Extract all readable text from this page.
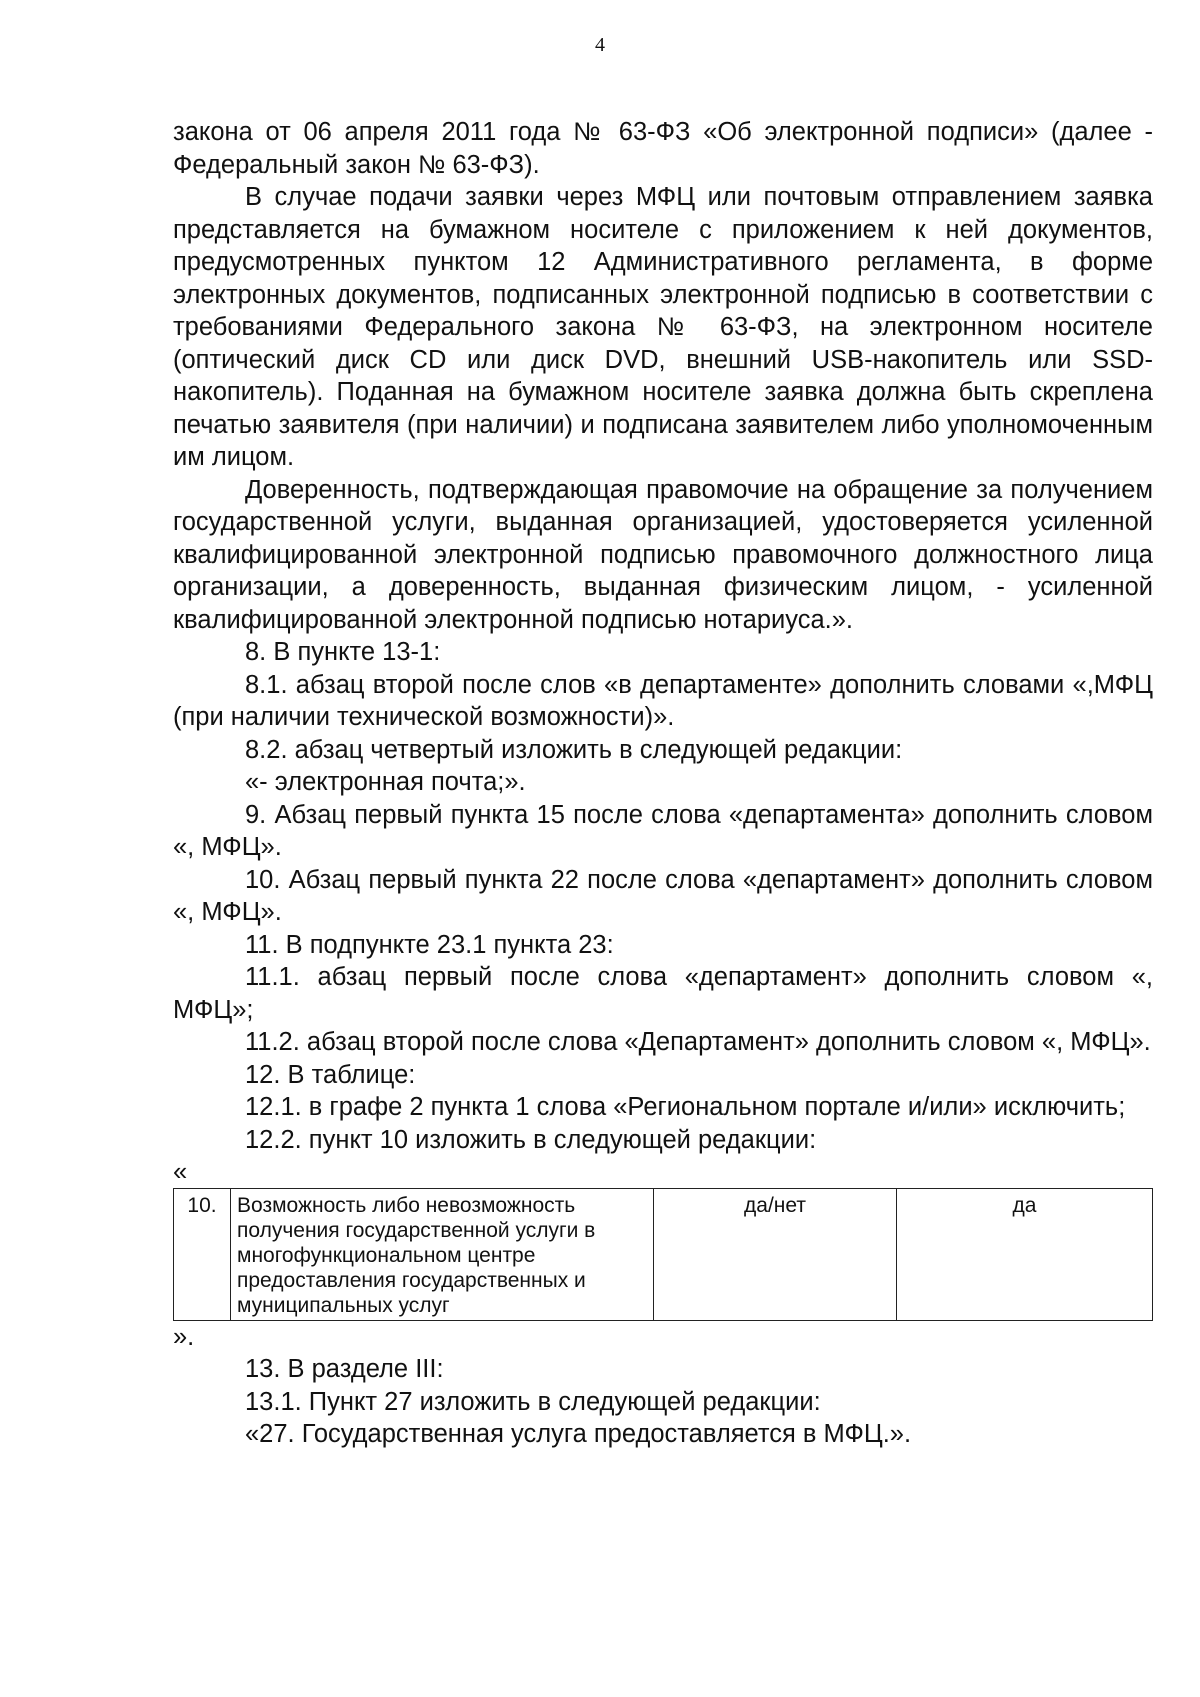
4

закона от 06 апреля 2011 года № 63-ФЗ «Об электронной подписи» (далее - Федеральный закон № 63-ФЗ).

В случае подачи заявки через МФЦ или почтовым отправлением заявка представляется на бумажном носителе с приложением к ней документов, предусмотренных пунктом 12 Административного регламента, в форме электронных документов, подписанных электронной подписью в соответствии с требованиями Федерального закона № 63-ФЗ, на электронном носителе (оптический диск CD или диск DVD, внешний USB-накопитель или SSD-накопитель). Поданная на бумажном носителе заявка должна быть скреплена печатью заявителя (при наличии) и подписана заявителем либо уполномоченным им лицом.

Доверенность, подтверждающая правомочие на обращение за получением государственной услуги, выданная организацией, удостоверяется усиленной квалифицированной электронной подписью правомочного должностного лица организации, а доверенность, выданная физическим лицом, - усиленной квалифицированной электронной подписью нотариуса.».

8. В пункте 13-1:

8.1. абзац второй после слов «в департаменте» дополнить словами «,МФЦ (при наличии технической возможности)».

8.2. абзац четвертый изложить в следующей редакции:

«- электронная почта;».

9. Абзац первый пункта 15 после слова «департамента» дополнить словом «, МФЦ».

10. Абзац первый пункта 22 после слова «департамент» дополнить словом «, МФЦ».

11. В подпункте 23.1 пункта 23:

11.1. абзац первый после слова «департамент» дополнить словом «, МФЦ»;

11.2. абзац второй после слова «Департамент» дополнить словом «, МФЦ».

12. В таблице:

12.1. в графе 2 пункта 1 слова «Региональном портале и/или» исключить;

12.2. пункт 10 изложить в следующей редакции:

«

10.	Возможность либо невозможность получения государственной услуги в многофункциональном центре предоставления государственных и муниципальных услуг	да/нет	да

».

13. В разделе III:

13.1. Пункт 27 изложить в следующей редакции:

«27. Государственная услуга предоставляется в МФЦ.».
